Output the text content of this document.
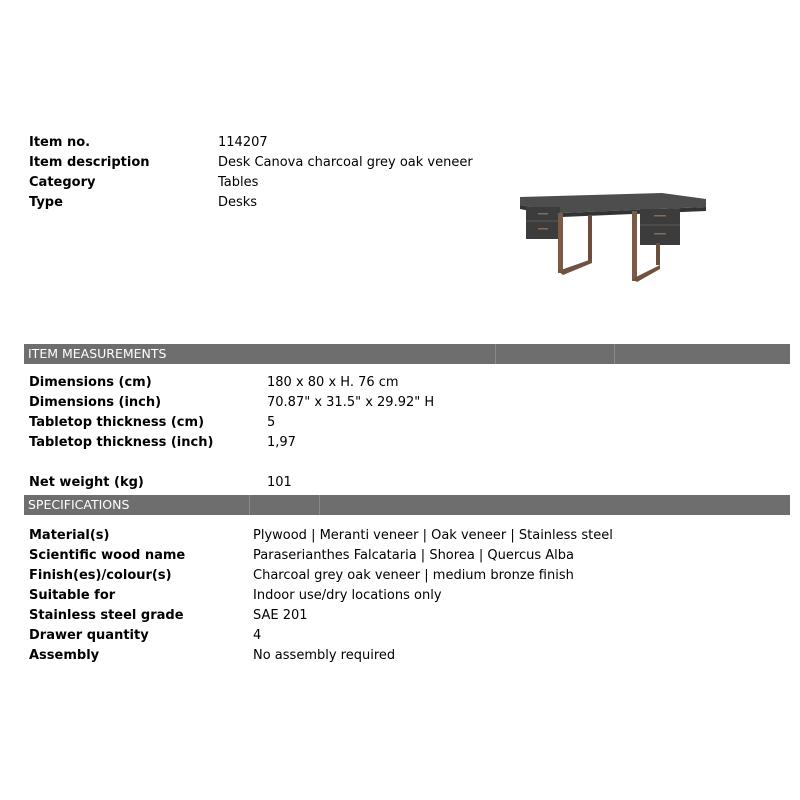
Item no.	114207
Item description	Desk Canova charcoal grey oak veneer
Category	Tables
Type	Desks
ITEM MEASUREMENTS
Dimensions (cm)	180 x 80 x H. 76 cm
Dimensions (inch)	70.87" x 31.5" x 29.92" H
Tabletop thickness (cm)	5
Tabletop thickness (inch)	1,97
Net weight (kg)	101
SPECIFICATIONS
Material(s)	Plywood | Meranti veneer | Oak veneer | Stainless steel
Scientific wood name	Paraserianthes Falcataria | Shorea | Quercus Alba
Finish(es)/colour(s)	Charcoal grey oak veneer | medium bronze finish
Suitable for	Indoor use/dry locations only
Stainless steel grade	SAE 201
Drawer quantity	4
Assembly	No assembly required
